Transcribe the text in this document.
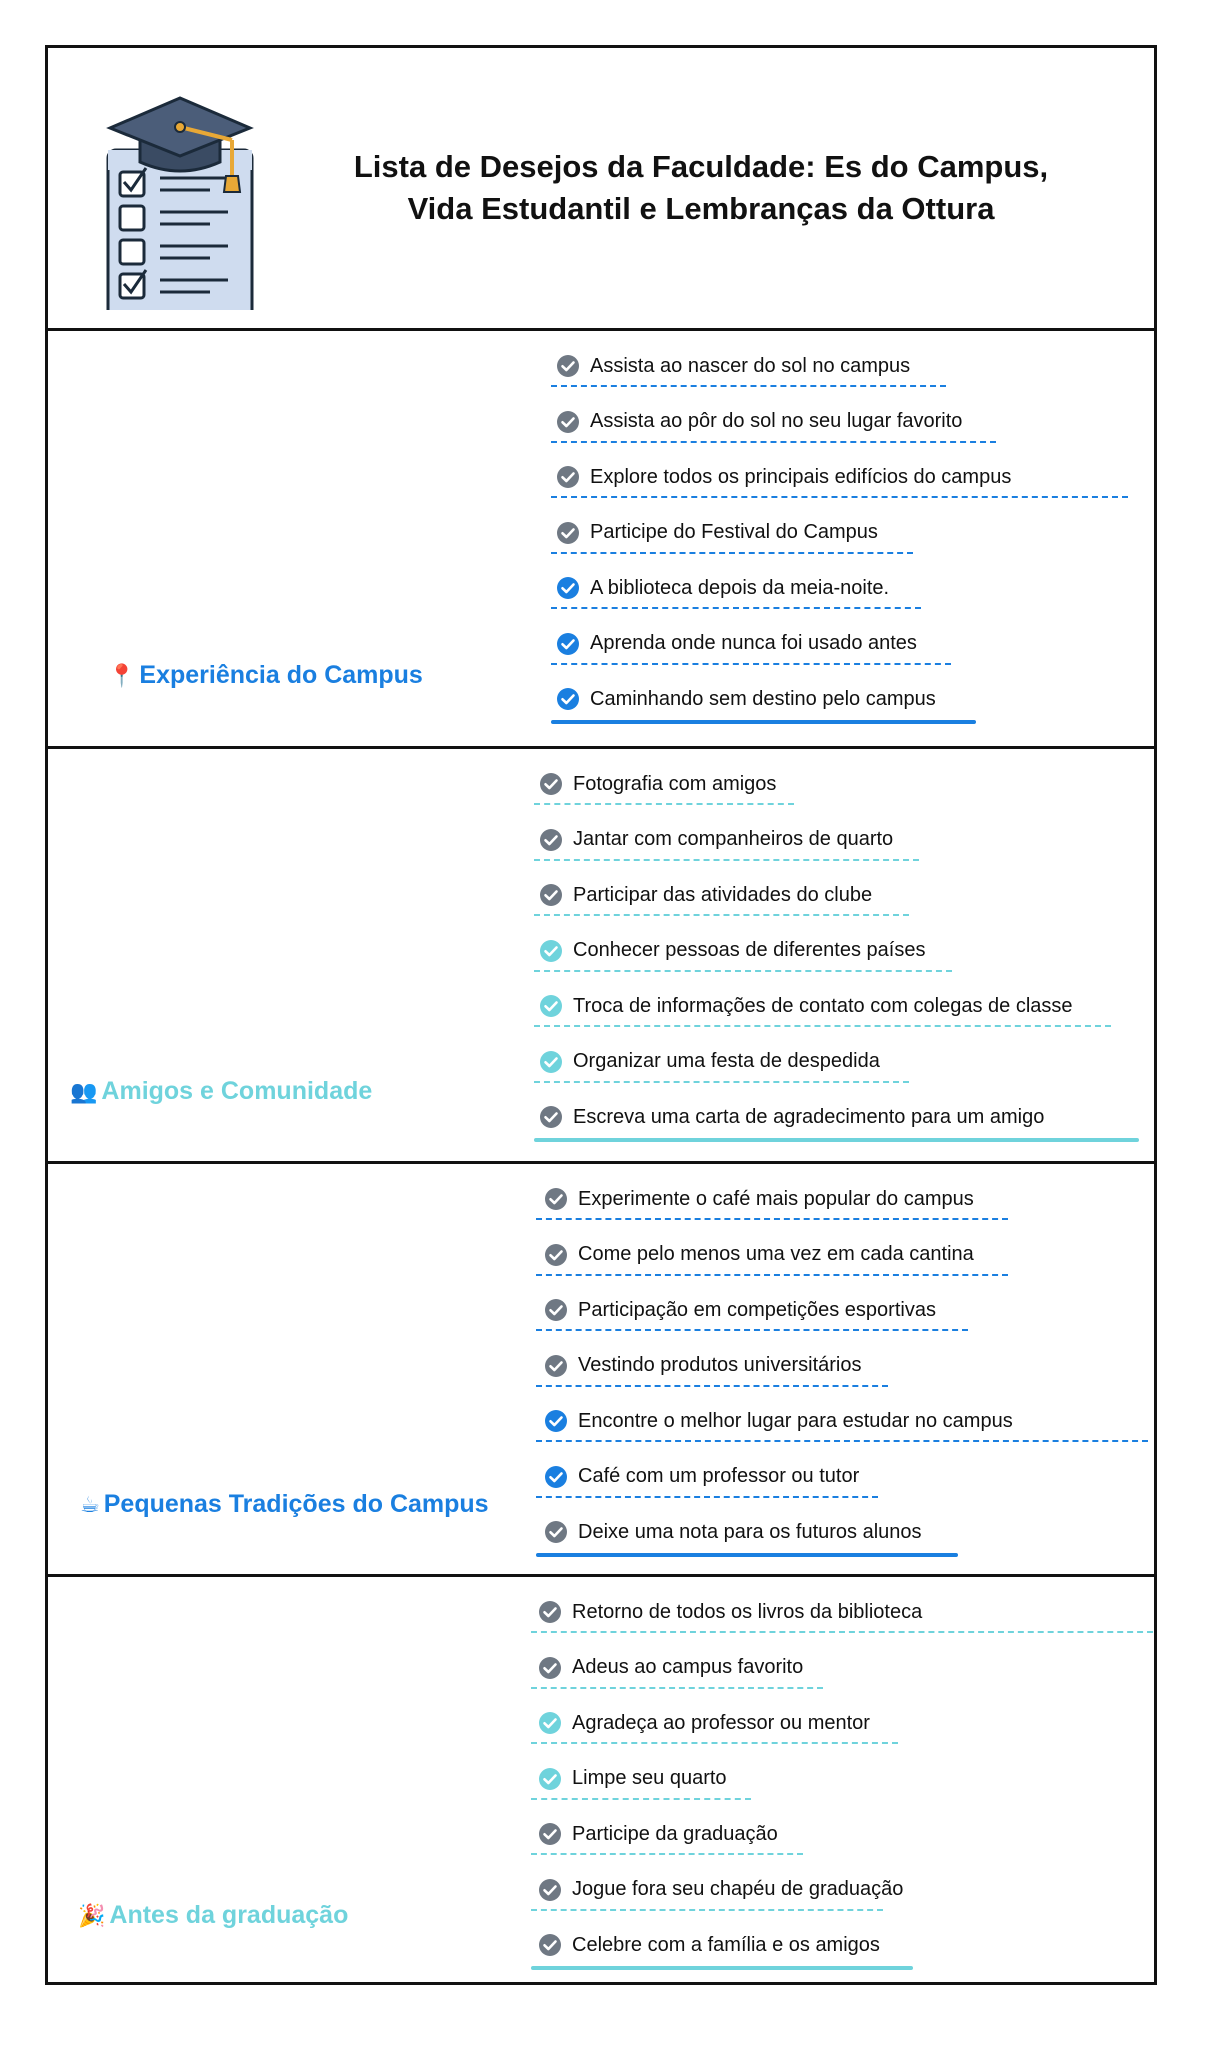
Lista de Desejos da Faculdade: Es do Campus,
Vida Estudantil e Lembranças da Ottura
📍 Experiência do Campus
Assista ao nascer do sol no campus
Assista ao pôr do sol no seu lugar favorito
Explore todos os principais edifícios do campus
Participe do Festival do Campus
A biblioteca depois da meia-noite.
Aprenda onde nunca foi usado antes
Caminhando sem destino pelo campus
👥 Amigos e Comunidade
Fotografia com amigos
Jantar com companheiros de quarto
Participar das atividades do clube
Conhecer pessoas de diferentes países
Troca de informações de contato com colegas de classe
Organizar uma festa de despedida
Escreva uma carta de agradecimento para um amigo
☕ Pequenas Tradições do Campus
Experimente o café mais popular do campus
Come pelo menos uma vez em cada cantina
Participação em competições esportivas
Vestindo produtos universitários
Encontre o melhor lugar para estudar no campus
Café com um professor ou tutor
Deixe uma nota para os futuros alunos
🎉 Antes da graduação
Retorno de todos os livros da biblioteca
Adeus ao campus favorito
Agradeça ao professor ou mentor
Limpe seu quarto
Participe da graduação
Jogue fora seu chapéu de graduação
Celebre com a família e os amigos
